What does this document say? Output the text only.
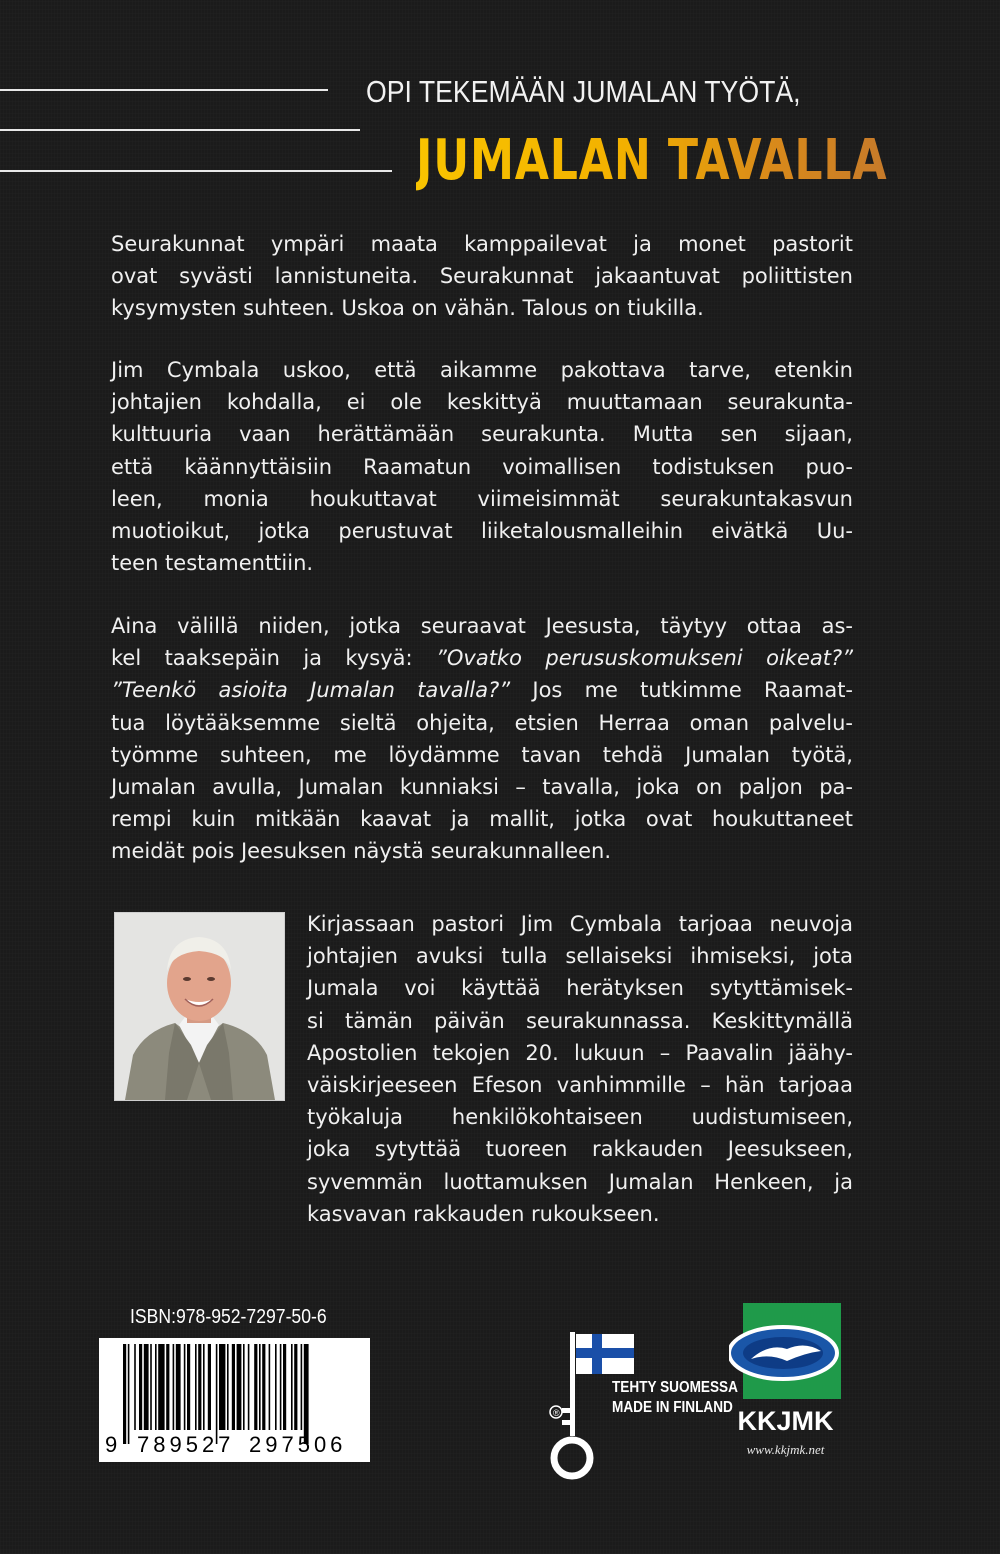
OPI TEKEMÄÄN JUMALAN TYÖTÄ,
JUMALAN TAVALLA
Seurakunnat ympäri maata kamppailevat ja monet pastorit
ovat syvästi lannistuneita. Seurakunnat jakaantuvat poliittisten
kysymysten suhteen. Uskoa on vähän. Talous on tiukilla.
Jim Cymbala uskoo, että aikamme pakottava tarve, etenkin
johtajien kohdalla, ei ole keskittyä muuttamaan seurakunta-
kulttuuria vaan herättämään seurakunta. Mutta sen sijaan,
että käännyttäisiin Raamatun voimallisen todistuksen puo-
leen, monia houkuttavat viimeisimmät seurakuntakasvun
muotioikut, jotka perustuvat liiketalousmalleihin eivätkä Uu-
teen testamenttiin.
Aina välillä niiden, jotka seuraavat Jeesusta, täytyy ottaa as-
kel taaksepäin ja kysyä: ”Ovatko perususkomukseni oikeat?”
”Teenkö asioita Jumalan tavalla?” Jos me tutkimme Raamat-
tua löytääksemme sieltä ohjeita, etsien Herraa oman palvelu-
työmme suhteen, me löydämme tavan tehdä Jumalan työtä,
Jumalan avulla, Jumalan kunniaksi – tavalla, joka on paljon pa-
rempi kuin mitkään kaavat ja mallit, jotka ovat houkuttaneet
meidät pois Jeesuksen näystä seurakunnalleen.
Kirjassaan pastori Jim Cymbala tarjoaa neuvoja
johtajien avuksi tulla sellaiseksi ihmiseksi, jota
Jumala voi käyttää herätyksen sytyttämisek-
si tämän päivän seurakunnassa. Keskittymällä
Apostolien tekojen 20. lukuun – Paavalin jäähy-
väiskirjeeseen Efeson vanhimmille – hän tarjoaa
työkaluja henkilökohtaiseen uudistumiseen,
joka sytyttää tuoreen rakkauden Jeesukseen,
syvemmän luottamuksen Jumalan Henkeen, ja
kasvavan rakkauden rukoukseen.
ISBN:978-952-7297-50-6
9 789527 297506
®
TEHTY SUOMESSA
MADE IN FINLAND KKJMK
www.kkjmk.net
